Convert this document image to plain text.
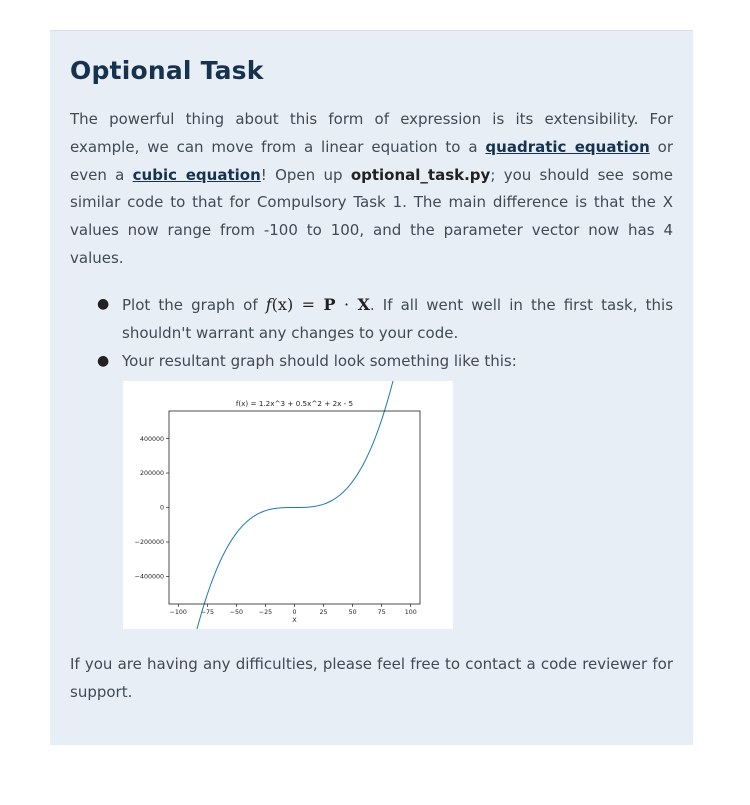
Optional Task

The powerful thing about this form of expression is its extensibility. For example, we can move from a linear equation to a quadratic equation or even a cubic equation! Open up optional_task.py; you should see some similar code to that for Compulsory Task 1. The main difference is that the X values now range from -100 to 100, and the parameter vector now has 4 values.

● Plot the graph of f(x) = P · X. If all went well in the first task, this shouldn't warrant any changes to your code.
● Your resultant graph should look something like this:
f(x) = 1.2x^3 + 0.5x^2 + 2x - 5
−100 −75	−50	−25	0	25	50	75	100
−400000
−200000
0
200000
400000
X

If you are having any difficulties, please feel free to contact a code reviewer for support.
